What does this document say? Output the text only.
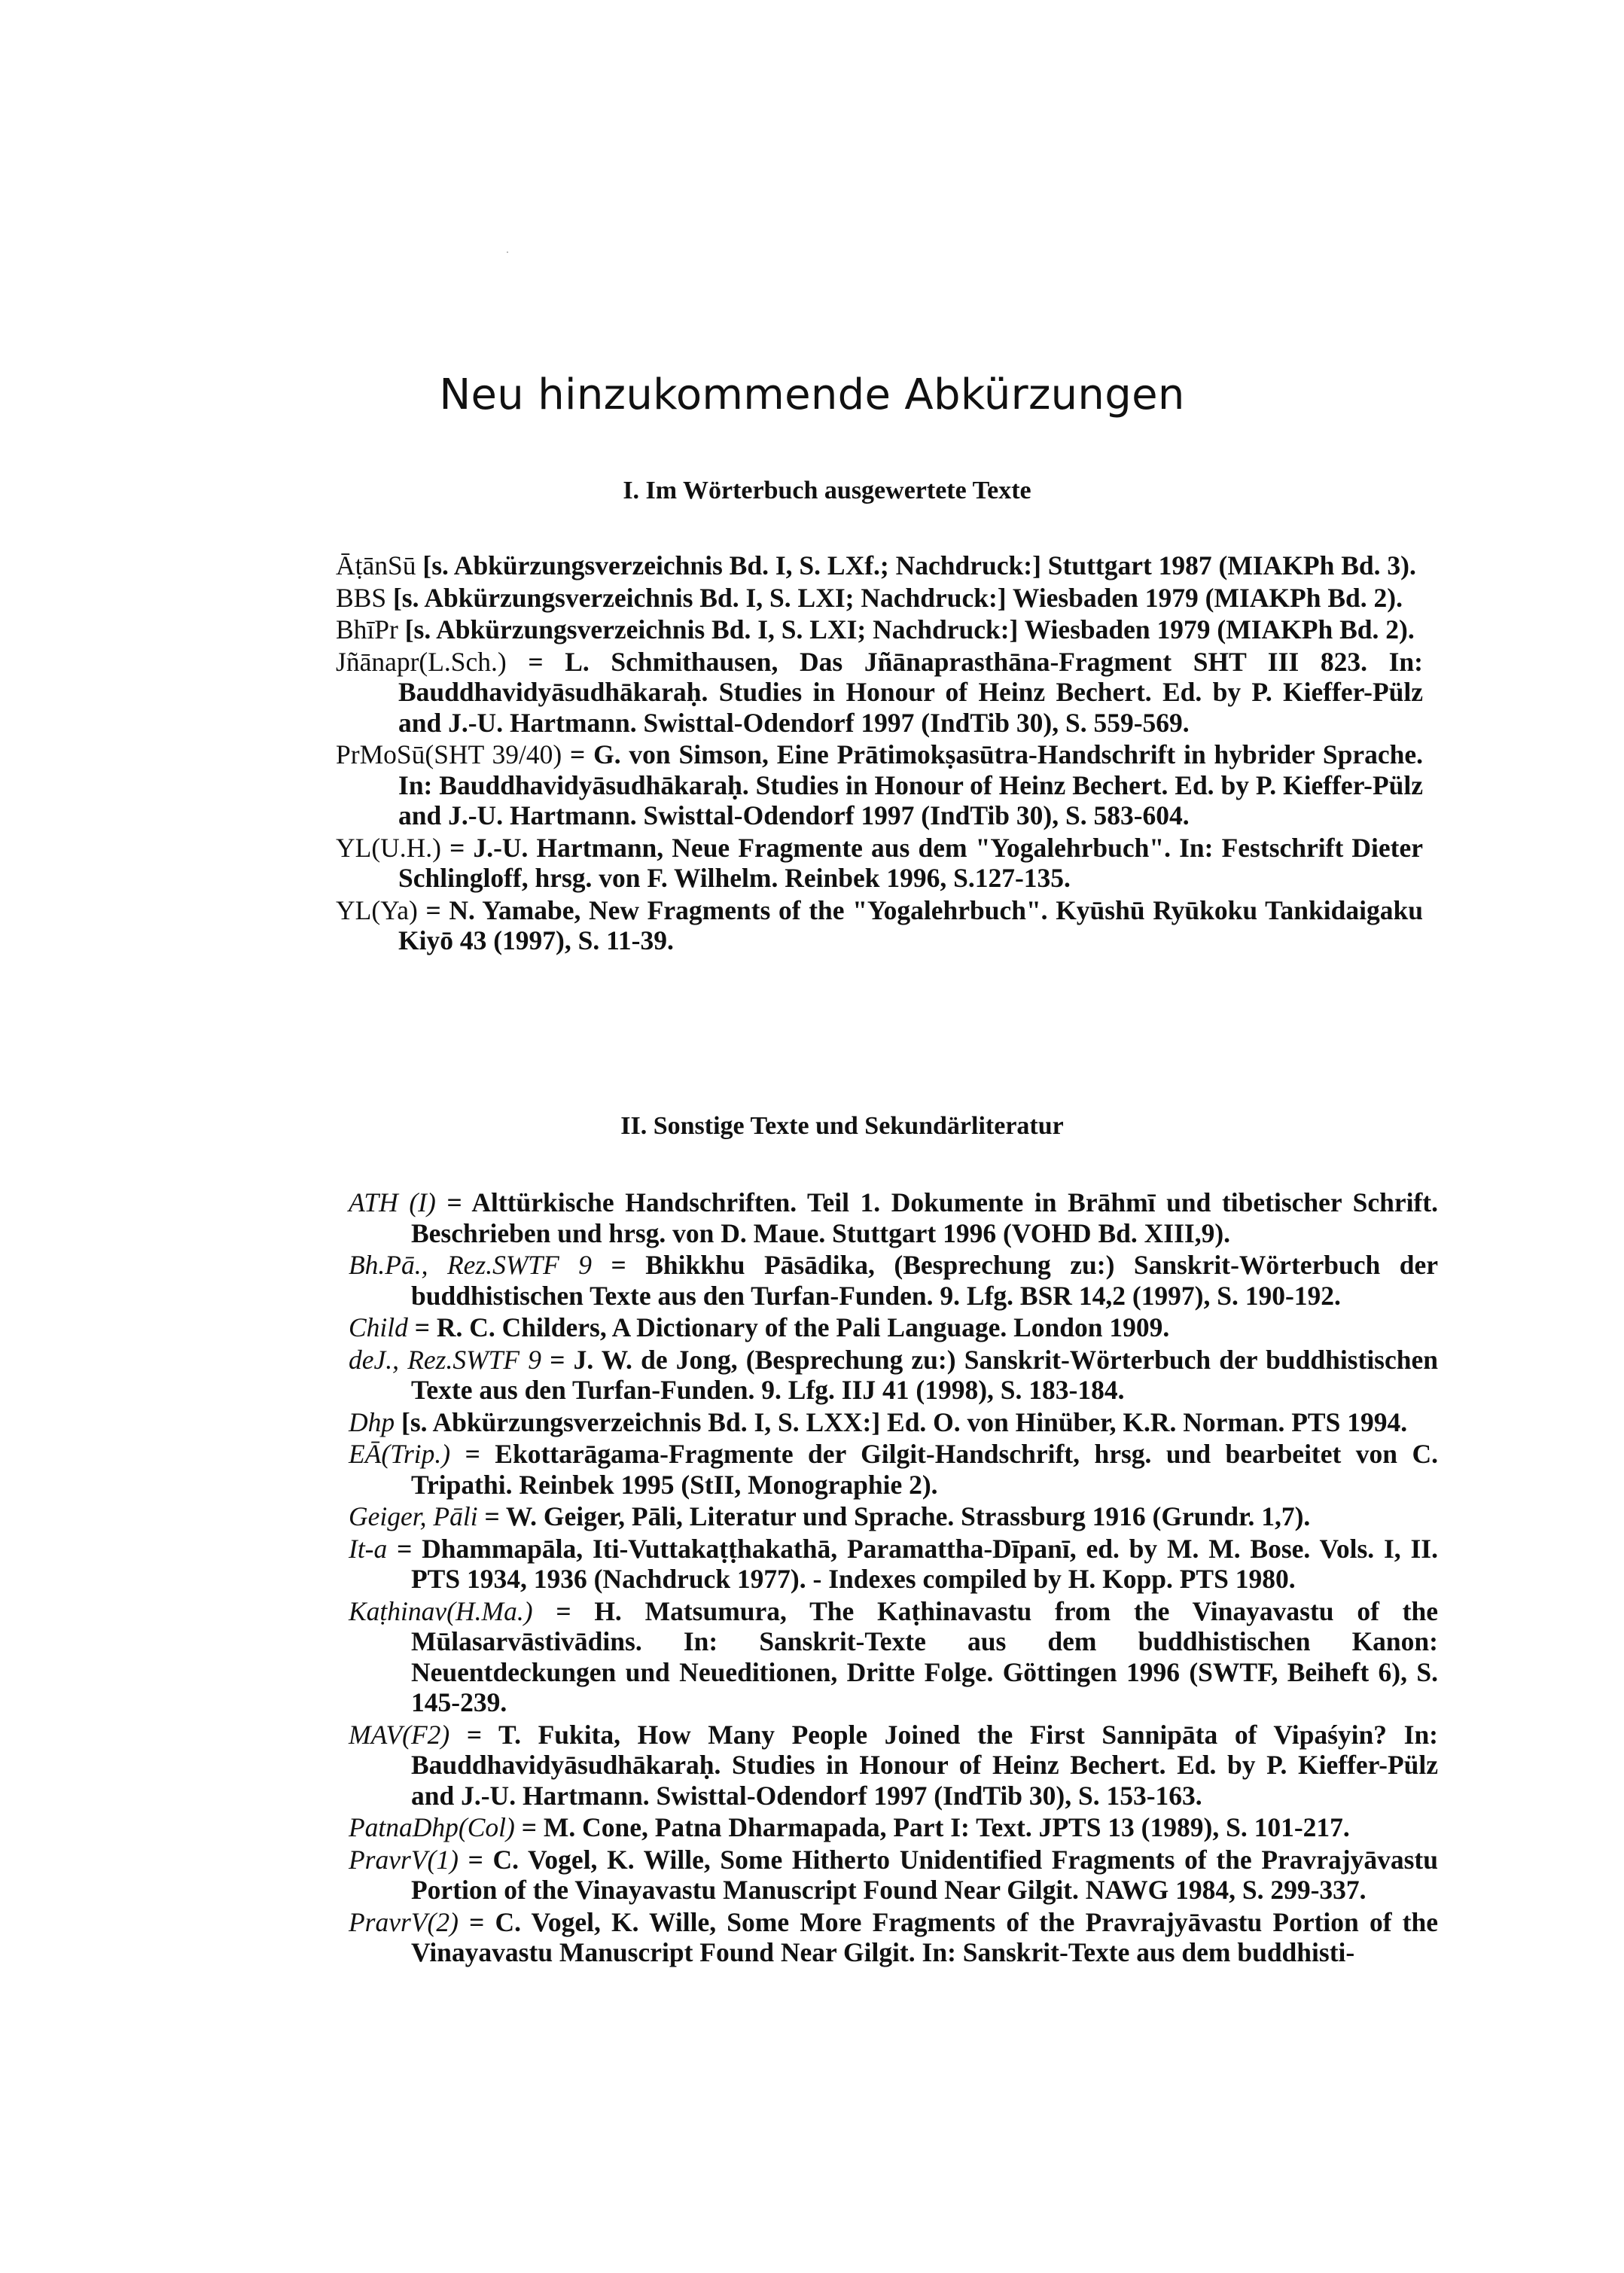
Neu hinzukommende Abkürzungen
I. Im Wörterbuch ausgewertete Texte

ĀṭānSū [s. Abkürzungsverzeichnis Bd. I, S. LXf.; Nachdruck:] Stuttgart 1987 (MIAKPh Bd. 3).

BBS [s. Abkürzungsverzeichnis Bd. I, S. LXI; Nachdruck:] Wiesbaden 1979 (MIAKPh Bd. 2).

BhīPr [s. Abkürzungsverzeichnis Bd. I, S. LXI; Nachdruck:] Wiesbaden 1979 (MIAKPh Bd. 2).

Jñānapr(L.Sch.) = L. Schmithausen, Das Jñānaprasthāna-Fragment SHT III 823. In: Bauddhavidyāsudhākaraḥ. Studies in Honour of Heinz Bechert. Ed. by P. Kieffer-Pülz and J.-U. Hartmann. Swisttal-Odendorf 1997 (IndTib 30), S. 559-569.

PrMoSū(SHT 39/40) = G. von Simson, Eine Prātimokṣasūtra-Handschrift in hybrider Sprache. In: Bauddhavidyāsudhākaraḥ. Studies in Honour of Heinz Bechert. Ed. by P. Kieffer-Pülz and J.-U. Hartmann. Swisttal-Odendorf 1997 (IndTib 30), S. 583-604.

YL(U.H.) = J.-U. Hartmann, Neue Fragmente aus dem "Yogalehrbuch". In: Festschrift Dieter Schlingloff, hrsg. von F. Wilhelm. Reinbek 1996, S.127-135.

YL(Ya) = N. Yamabe, New Fragments of the "Yogalehrbuch". Kyūshū Ryūkoku Tankidaigaku Kiyō 43 (1997), S. 11-39.

II. Sonstige Texte und Sekundärliteratur

ATH (I) = Alttürkische Handschriften. Teil 1. Dokumente in Brāhmī und tibetischer Schrift. Beschrieben und hrsg. von D. Maue. Stuttgart 1996 (VOHD Bd. XIII,9).

Bh.Pā., Rez.SWTF 9 = Bhikkhu Pāsādika, (Besprechung zu:) Sanskrit-Wörterbuch der buddhistischen Texte aus den Turfan-Funden. 9. Lfg. BSR 14,2 (1997), S. 190-192.

Child = R. C. Childers, A Dictionary of the Pali Language. London 1909.

deJ., Rez.SWTF 9 = J. W. de Jong, (Besprechung zu:) Sanskrit-Wörterbuch der buddhistischen Texte aus den Turfan-Funden. 9. Lfg. IIJ 41 (1998), S. 183-184.

Dhp [s. Abkürzungsverzeichnis Bd. I, S. LXX:] Ed. O. von Hinüber, K.R. Norman. PTS 1994.

EĀ(Trip.) = Ekottarāgama-Fragmente der Gilgit-Handschrift, hrsg. und bearbeitet von C. Tripathi. Reinbek 1995 (StII, Monographie 2).

Geiger, Pāli = W. Geiger, Pāli, Literatur und Sprache. Strassburg 1916 (Grundr. 1,7).

It-a = Dhammapāla, Iti-Vuttakaṭṭhakathā, Paramattha-Dīpanī, ed. by M. M. Bose. Vols. I, II. PTS 1934, 1936 (Nachdruck 1977). - Indexes compiled by H. Kopp. PTS 1980.

Kaṭhinav(H.Ma.) = H. Matsumura, The Kaṭhinavastu from the Vinayavastu of the Mūlasarvāstivādins. In: Sanskrit-Texte aus dem buddhistischen Kanon: Neuentdeckungen und Neueditionen, Dritte Folge. Göttingen 1996 (SWTF, Beiheft 6), S. 145-239.

MAV(F2) = T. Fukita, How Many People Joined the First Sannipāta of Vipaśyin? In: Bauddhavidyāsudhākaraḥ. Studies in Honour of Heinz Bechert. Ed. by P. Kieffer-Pülz and J.-U. Hartmann. Swisttal-Odendorf 1997 (IndTib 30), S. 153-163.

PatnaDhp(Col) = M. Cone, Patna Dharmapada, Part I: Text. JPTS 13 (1989), S. 101-217.

PravrV(1) = C. Vogel, K. Wille, Some Hitherto Unidentified Fragments of the Pravrajyāvastu Portion of the Vinayavastu Manuscript Found Near Gilgit. NAWG 1984, S. 299-337.

PravrV(2) = C. Vogel, K. Wille, Some More Fragments of the Pravrajyāvastu Portion of the Vinayavastu Manuscript Found Near Gilgit. In: Sanskrit-Texte aus dem buddhisti-
